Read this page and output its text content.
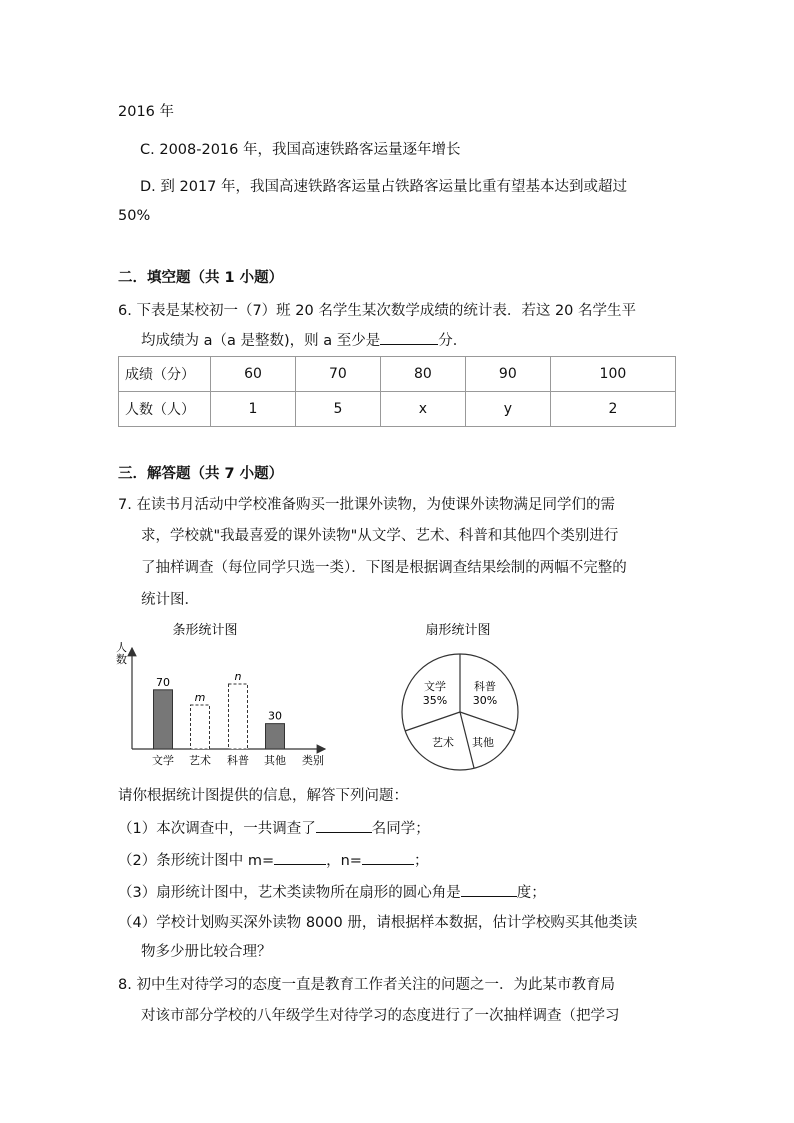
2016 年
C. 2008-2016 年，我国高速铁路客运量逐年增长
D. 到 2017 年，我国高速铁路客运量占铁路客运量比重有望基本达到或超过
50%
二．填空题（共 1 小题）
6. 下表是某校初一（7）班 20 名学生某次数学成绩的统计表．若这 20 名学生平
均成绩为 a（a 是整数)，则 a 至少是	分．
成绩（分）	60	70	80	90	100
人数（人）	1	5	x	y	2
三．解答题（共 7 小题）
7. 在读书月活动中学校准备购买一批课外读物，为使课外读物满足同学们的需
求，学校就"我最喜爱的课外读物"从文学、艺术、科普和其他四个类别进行
了抽样调查（每位同学只选一类）．下图是根据调查结果绘制的两幅不完整的
统计图．
条形统计图
人
数
70
文学
m
艺术
n
科普
30
其他 类别
扇形统计图
文学
35%
科普
30%
艺术 其他
请你根据统计图提供的信息，解答下列问题：
（1）本次调查中，一共调查了	名同学；
（2）条形统计图中 m=	，n=	；
（3）扇形统计图中，艺术类读物所在扇形的圆心角是	度；
（4）学校计划购买深外读物 8000 册，请根据样本数据，估计学校购买其他类读
物多少册比较合理？
8. 初中生对待学习的态度一直是教育工作者关注的问题之一．为此某市教育局
对该市部分学校的八年级学生对待学习的态度进行了一次抽样调查（把学习
